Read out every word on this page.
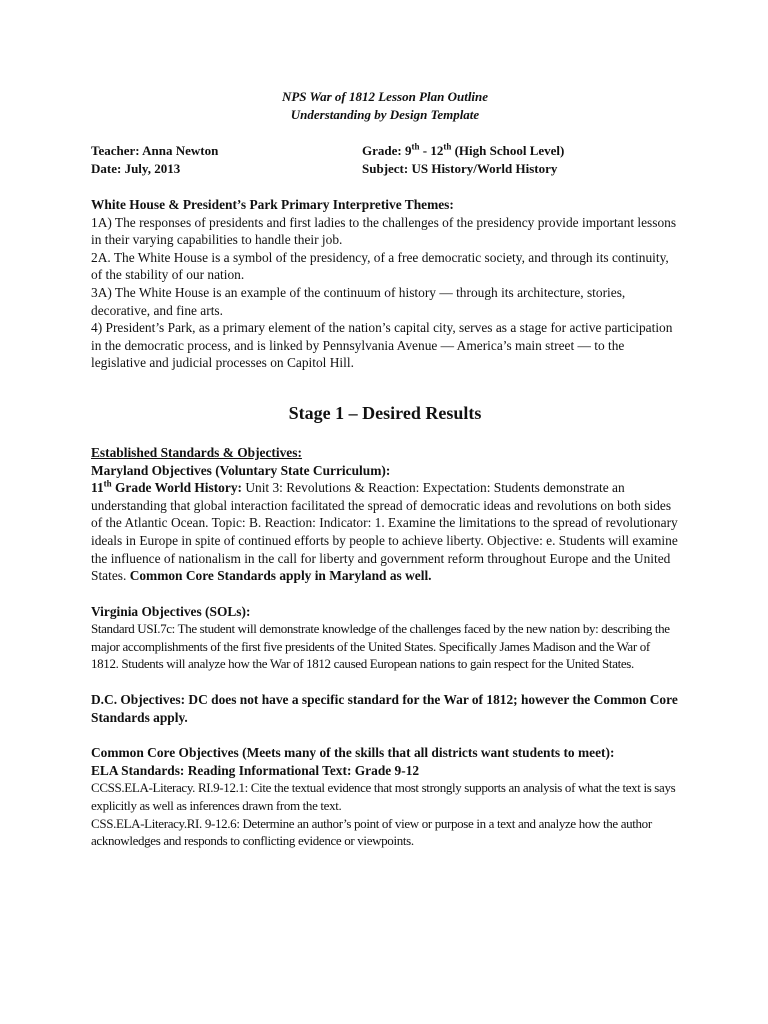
NPS War of 1812 Lesson Plan Outline
Understanding by Design Template
Teacher: Anna Newton	Grade: 9th - 12th (High School Level)
Date: July, 2013	Subject: US History/World History

White House & President’s Park Primary Interpretive Themes:

1A) The responses of presidents and first ladies to the challenges of the presidency provide important lessons in their varying capabilities to handle their job.

2A. The White House is a symbol of the presidency, of a free democratic society, and through its continuity, of the stability of our nation.

3A) The White House is an example of the continuum of history — through its architecture, stories, decorative, and fine arts.

4) President’s Park, as a primary element of the nation’s capital city, serves as a stage for active participation in the democratic process, and is linked by Pennsylvania Avenue — America’s main street — to the legislative and judicial processes on Capitol Hill.

Stage 1 – Desired Results

Established Standards & Objectives:

Maryland Objectives (Voluntary State Curriculum):

11th Grade World History: Unit 3: Revolutions & Reaction: Expectation: Students demonstrate an understanding that global interaction facilitated the spread of democratic ideas and revolutions on both sides of the Atlantic Ocean. Topic: B. Reaction: Indicator: 1. Examine the limitations to the spread of revolutionary ideals in Europe in spite of continued efforts by people to achieve liberty. Objective: e. Students will examine the influence of nationalism in the call for liberty and government reform throughout Europe and the United States. Common Core Standards apply in Maryland as well.

Virginia Objectives (SOLs):

Standard USI.7c: The student will demonstrate knowledge of the challenges faced by the new nation by: describing the major accomplishments of the first five presidents of the United States. Specifically James Madison and the War of 1812. Students will analyze how the War of 1812 caused European nations to gain respect for the United States.

D.C. Objectives: DC does not have a specific standard for the War of 1812; however the Common Core Standards apply.

Common Core Objectives (Meets many of the skills that all districts want students to meet):

ELA Standards: Reading Informational Text: Grade 9-12

CCSS.ELA-Literacy. RI.9-12.1: Cite the textual evidence that most strongly supports an analysis of what the text is says explicitly as well as inferences drawn from the text.

CSS.ELA-Literacy.RI. 9-12.6: Determine an author’s point of view or purpose in a text and analyze how the author acknowledges and responds to conflicting evidence or viewpoints.
